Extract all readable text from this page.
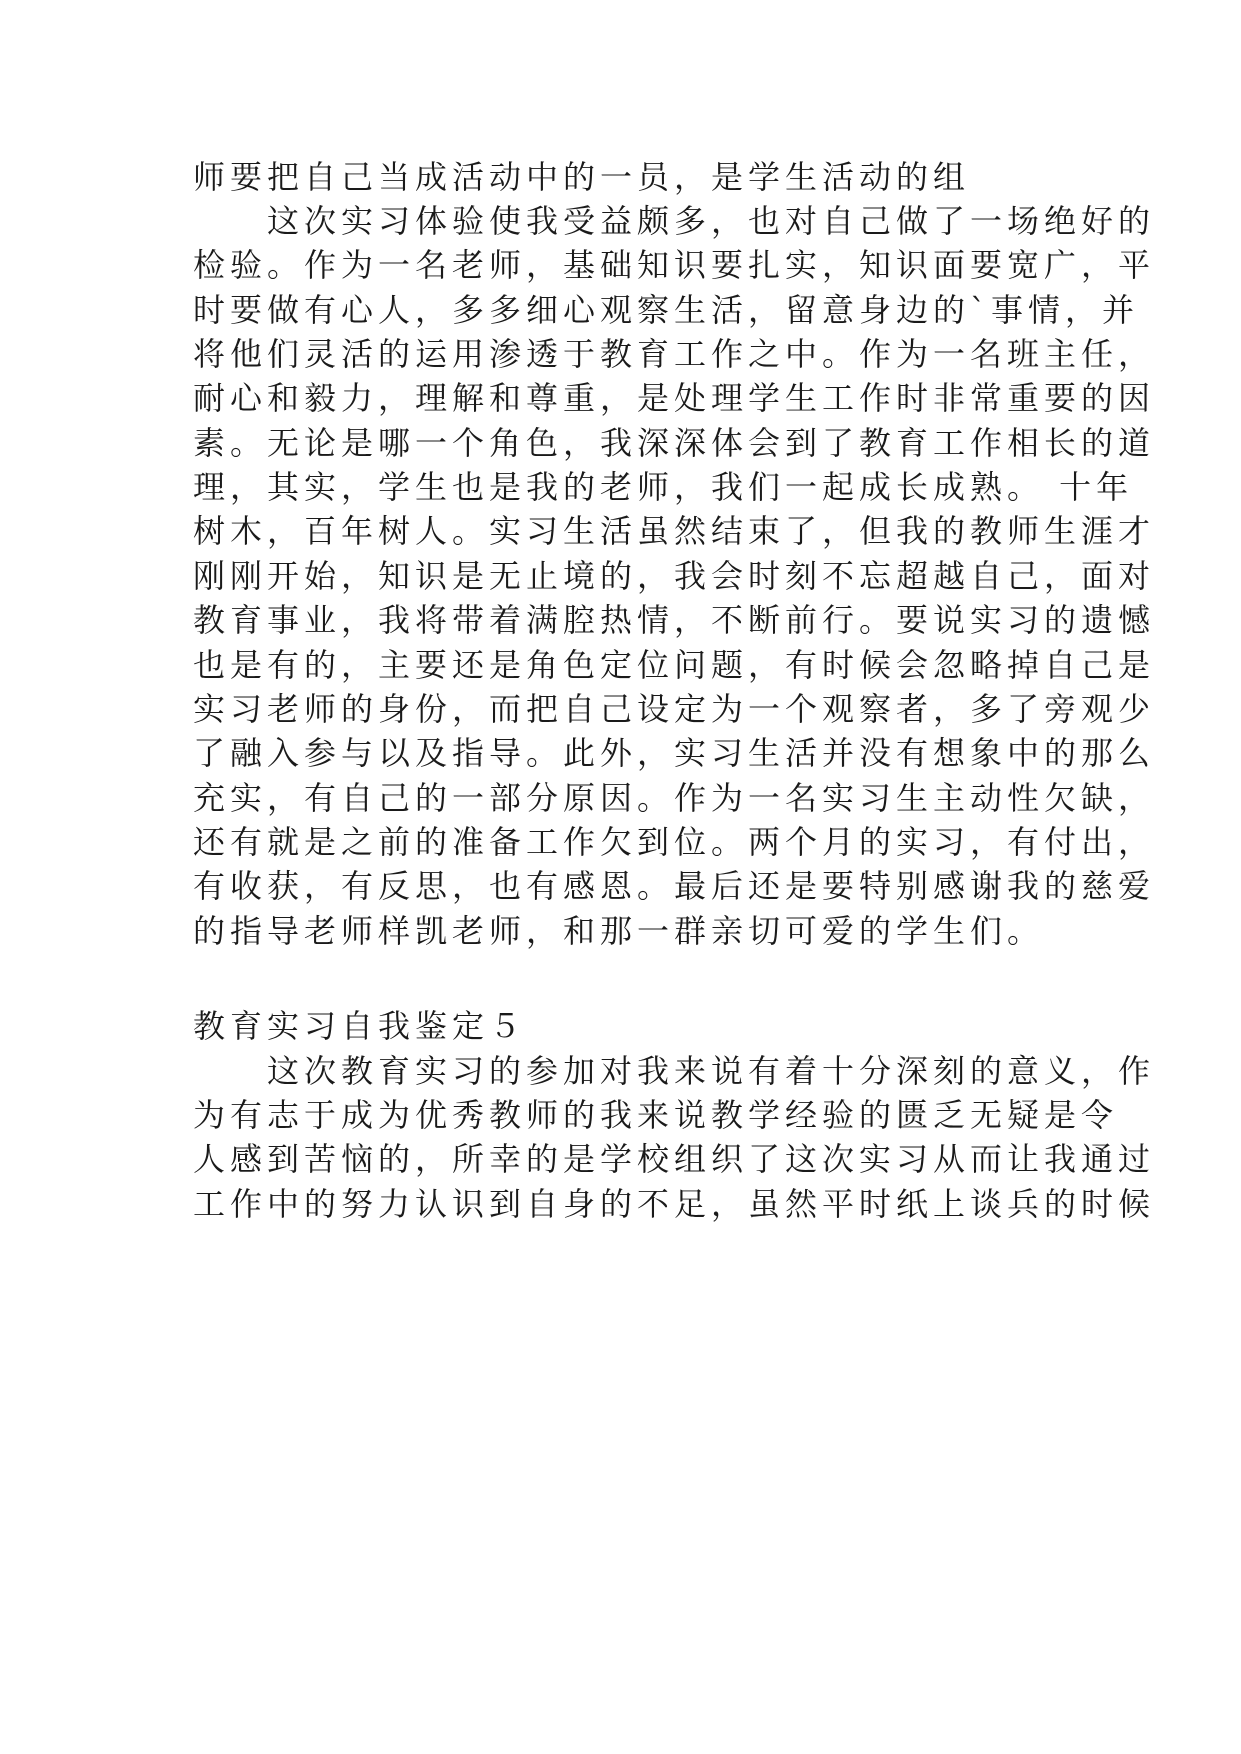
师要把自己当成活动中的一员，是学生活动的组
　　这次实习体验使我受益颇多，也对自己做了一场绝好的
检验。作为一名老师，基础知识要扎实，知识面要宽广，平
时要做有心人，多多细心观察生活，留意身边的`事情，并
将他们灵活的运用渗透于教育工作之中。作为一名班主任，
耐心和毅力，理解和尊重，是处理学生工作时非常重要的因
素。无论是哪一个角色，我深深体会到了教育工作相长的道
理，其实，学生也是我的老师，我们一起成长成熟。 十年
树木，百年树人。实习生活虽然结束了，但我的教师生涯才
刚刚开始，知识是无止境的，我会时刻不忘超越自己，面对
教育事业，我将带着满腔热情，不断前行。要说实习的遗憾
也是有的，主要还是角色定位问题，有时候会忽略掉自己是
实习老师的身份，而把自己设定为一个观察者，多了旁观少
了融入参与以及指导。此外，实习生活并没有想象中的那么
充实，有自己的一部分原因。作为一名实习生主动性欠缺，
还有就是之前的准备工作欠到位。两个月的实习，有付出，
有收获，有反思，也有感恩。最后还是要特别感谢我的慈爱
的指导老师样凯老师，和那一群亲切可爱的学生们。
教育实习自我鉴定５
　　这次教育实习的参加对我来说有着十分深刻的意义，作
为有志于成为优秀教师的我来说教学经验的匮乏无疑是令
人感到苦恼的，所幸的是学校组织了这次实习从而让我通过
工作中的努力认识到自身的不足，虽然平时纸上谈兵的时候
